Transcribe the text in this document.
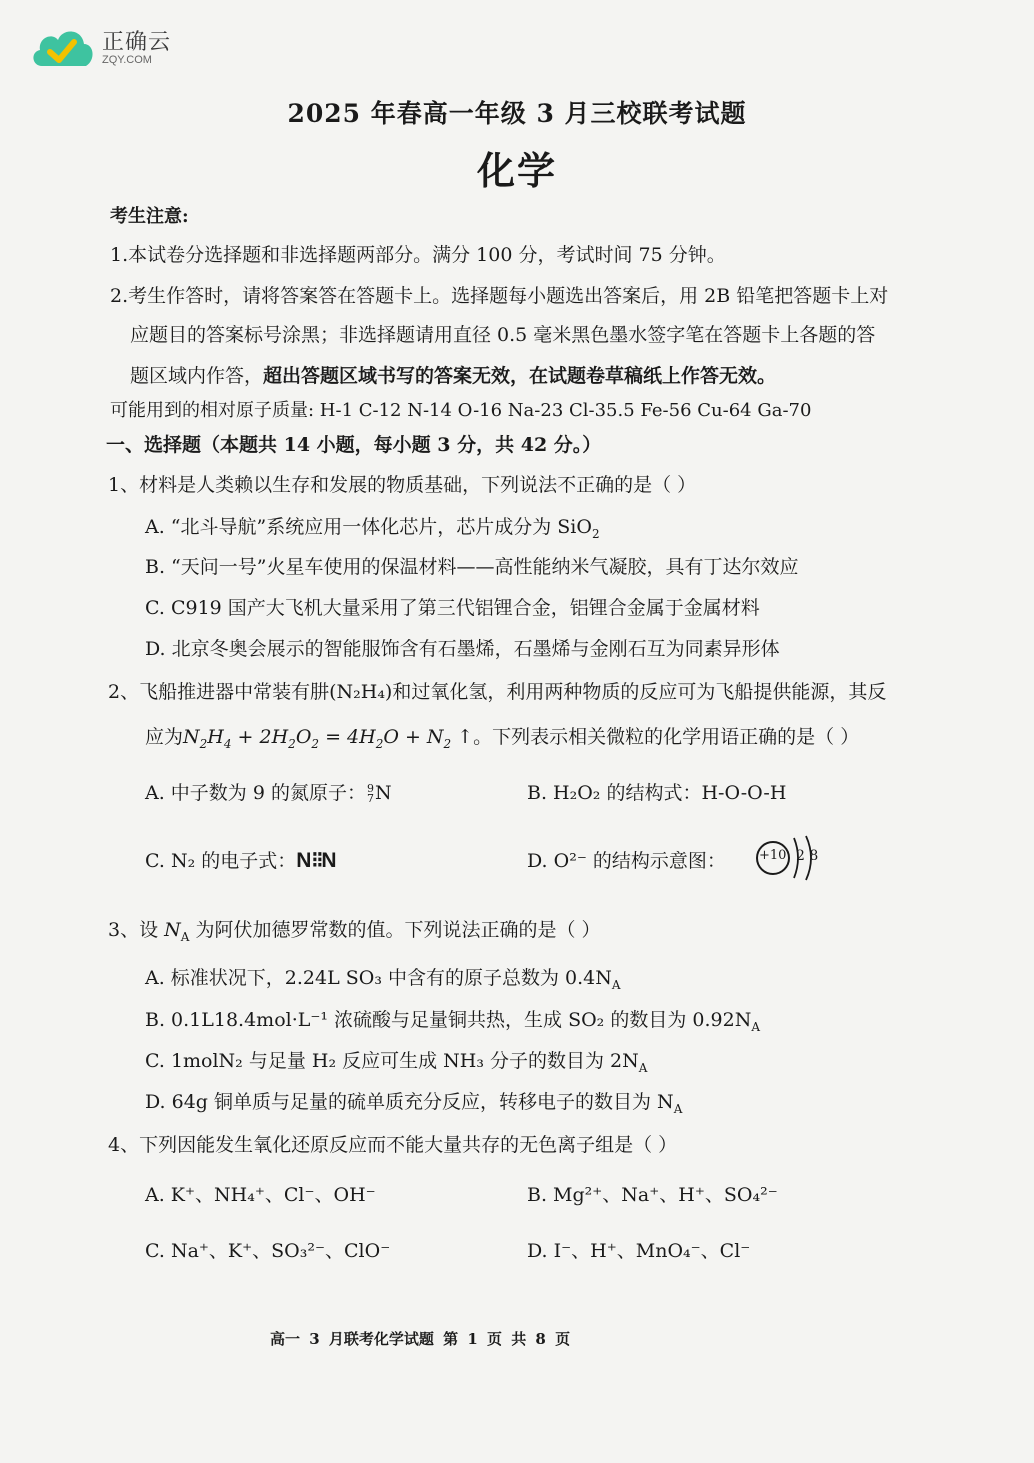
正确云
ZQY.COM
2025 年春高一年级 3 月三校联考试题
化学
考生注意:
1.本试卷分选择题和非选择题两部分。满分 100 分，考试时间 75 分钟。
2.考生作答时，请将答案答在答题卡上。选择题每小题选出答案后，用 2B 铅笔把答题卡上对
应题目的答案标号涂黑；非选择题请用直径 0.5 毫米黑色墨水签字笔在答题卡上各题的答
题区域内作答，超出答题区域书写的答案无效，在试题卷草稿纸上作答无效。
可能用到的相对原子质量: H-1 C-12 N-14 O-16 Na-23 Cl-35.5 Fe-56 Cu-64 Ga-70
一、选择题（本题共 14 小题，每小题 3 分，共 42 分。）
1、材料是人类赖以生存和发展的物质基础，下列说法不正确的是（ ）
A. “北斗导航”系统应用一体化芯片，芯片成分为 SiO$_2$
B. “天问一号”火星车使用的保温材料——高性能纳米气凝胶，具有丁达尔效应
C. C919 国产大飞机大量采用了第三代铝锂合金，铝锂合金属于金属材料
D. 北京冬奥会展示的智能服饰含有石墨烯，石墨烯与金刚石互为同素异形体
2、飞船推进器中常装有肼(N₂H₄)和过氧化氢，利用两种物质的反应可为飞船提供能源，其反
应为$N_2H_4 + 2H_2O_2 = 4H_2O + N_2$ ↑。下列表示相关微粒的化学用语正确的是（ ）
A. 中子数为 9 的氮原子： 9
7 N	B. H₂O₂ 的结构式：H-O-O-H
C. N₂ 的电子式：N⁝⁝N	D. O²⁻ 的结构示意图：	+10 2 8
3、设 $N_A$ 为阿伏加德罗常数的值。下列说法正确的是（ ）
A. 标准状况下，2.24L SO₃ 中含有的原子总数为 $0.4N_A$
B. 0.1L18.4mol·L⁻¹ 浓硫酸与足量铜共热，生成 SO₂ 的数目为 $0.92N_A$
C. 1molN₂ 与足量 H₂ 反应可生成 NH₃ 分子的数目为 $2N_A$
D. 64g 铜单质与足量的硫单质充分反应，转移电子的数目为 $N_A$
4、下列因能发生氧化还原反应而不能大量共存的无色离子组是（ ）
A. K⁺、NH₄⁺、Cl⁻、OH⁻	B. Mg²⁺、Na⁺、H⁺、SO₄²⁻
C. Na⁺、K⁺、SO₃²⁻、ClO⁻	D. I⁻、H⁺、MnO₄⁻、Cl⁻
高一 3 月联考化学试题 第 1 页 共 8 页
